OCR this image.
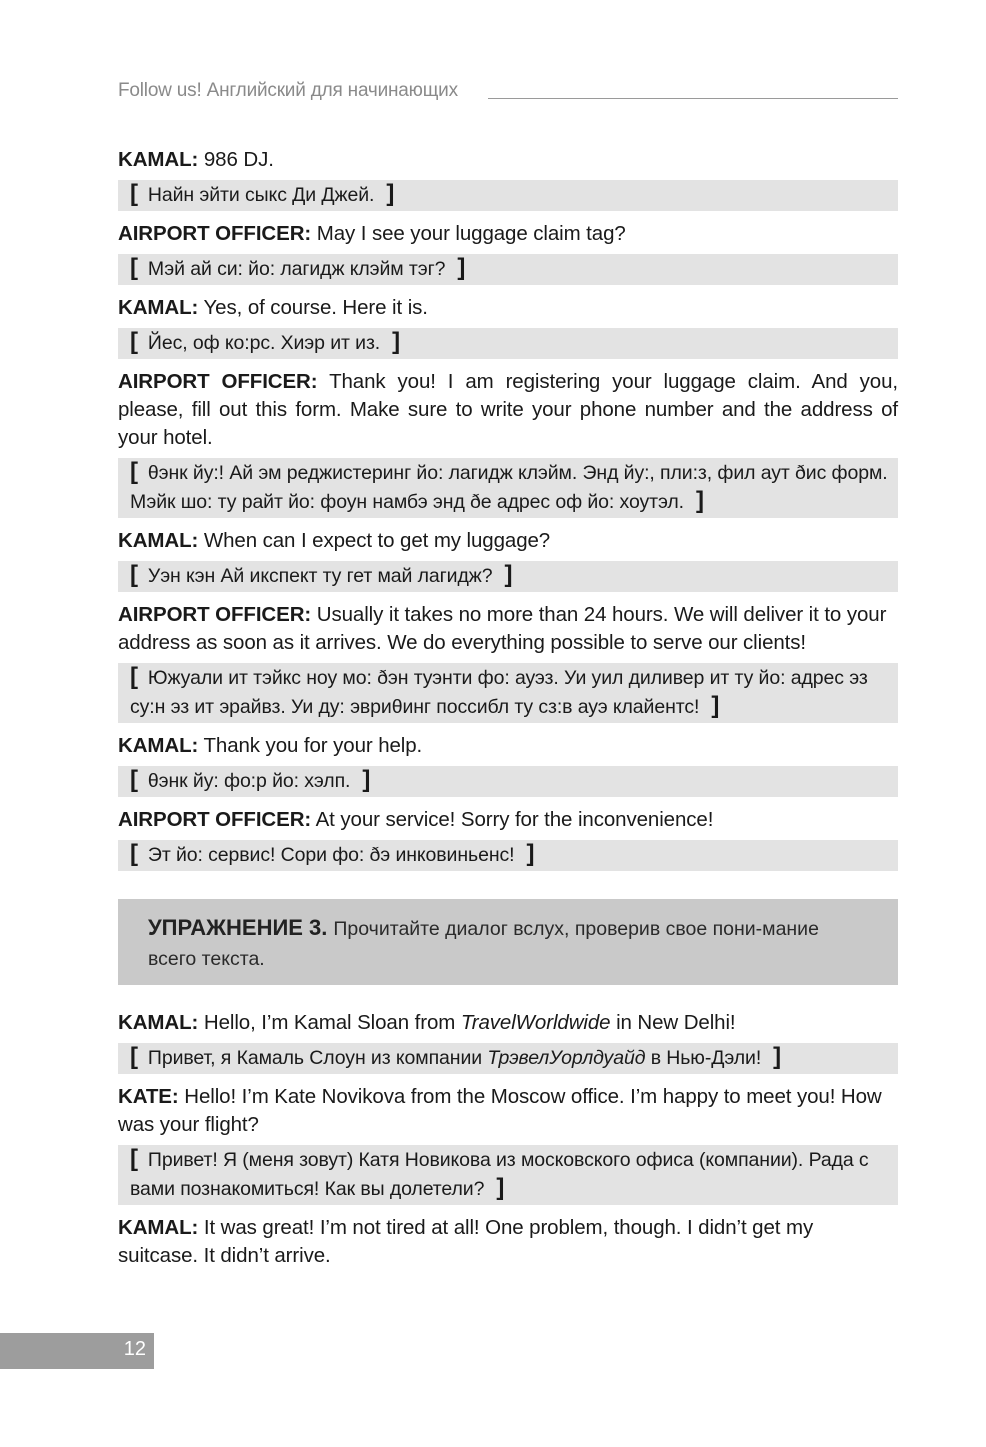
Follow us! Английский для начинающих

KAMAL: 986 DJ.

[ Найн эйти сыкс Ди Джей. ]

AIRPORT OFFICER: May I see your luggage claim tag?

[ Мэй ай си: йо: лагидж клэйм тэг? ]

KAMAL: Yes, of course. Here it is.

[ Йес, оф ко:рс. Хиэр ит из. ]

AIRPORT OFFICER: Thank you! I am registering your luggage claim. And you, please, fill out this form. Make sure to write your phone number and the address of your hotel.

[ θэнк йу:! Ай эм реджистеринг йо: лагидж клэйм. Энд йу:, пли:з, фил аут ðис форм. Мэйк шо: ту райт йо: фоун намбэ энд ðе адрес оф йо: хоутэл. ]

KAMAL: When can I expect to get my luggage?

[ Уэн кэн Ай икспект ту гет май лагидж? ]

AIRPORT OFFICER: Usually it takes no more than 24 hours. We will deliver it to your address as soon as it arrives. We do everything possible to serve our clients!

[ Южуали ит тэйкс ноу мо: ðэн туэнти фо: ауэз. Уи уил диливер ит ту йо: адрес эз су:н эз ит эрайвз. Уи ду: эвриθинг поссибл ту сз:в ауэ клайентс! ]

KAMAL: Thank you for your help.

[ θэнк йу: фо:р йо: хэлп. ]

AIRPORT OFFICER: At your service! Sorry for the inconvenience!

[ Эт йо: сервис! Сори фо: ðэ инковиньенс! ]
УПРАЖНЕНИЕ 3. Прочитайте диалог вслух, проверив свое пони-мание всего текста.

KAMAL: Hello, I’m Kamal Sloan from TravelWorldwide in New Delhi!

[ Привет, я Камаль Слоун из компании ТрэвелУорлдуайд в Нью-Дэли! ]

KATE: Hello! I’m Kate Novikova from the Moscow office. I’m happy to meet you! How was your flight?

[ Привет! Я (меня зовут) Катя Новикова из московского офиса (компании). Рада с вами познакомиться! Как вы долетели? ]

KAMAL: It was great! I’m not tired at all! One problem, though. I didn’t get my suitcase. It didn’t arrive.

12
